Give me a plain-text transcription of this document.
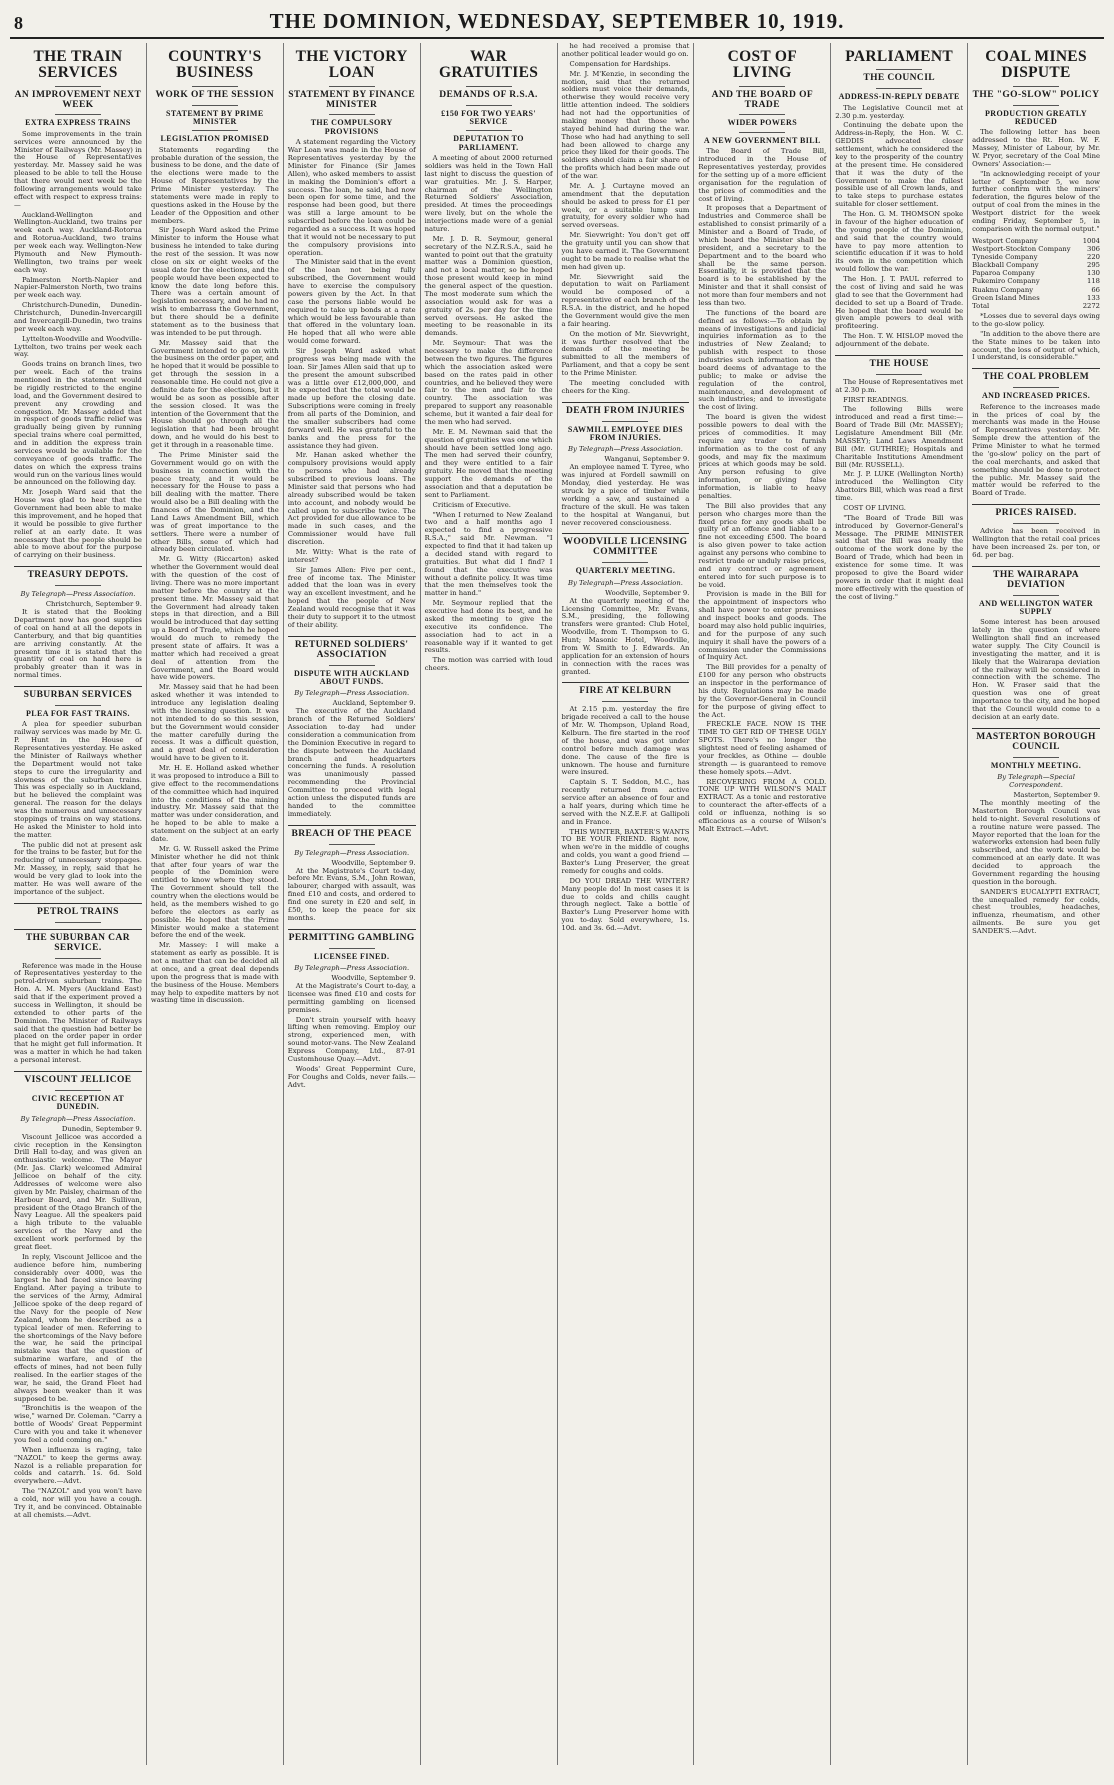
8	THE DOMINION, WEDNESDAY, SEPTEMBER 10, 1919.
THE TRAIN SERVICES
AN IMPROVEMENT NEXT WEEK
EXTRA EXPRESS TRAINS

Some improvements in the train services were announced by the Minister of Railways (Mr. Massey) in the House of Representatives yesterday. Mr. Massey said he was pleased to be able to tell the House that there would next week be the following arrangements would take effect with respect to express trains:—

Auckland-Wellington and Wellington-Auckland, two trains per week each way. Auckland-Rotorua and Rotorua-Auckland, two trains per week each way. Wellington-New Plymouth and New Plymouth-Wellington, two trains per week each way.

Palmerston North-Napier and Napier-Palmerston North, two trains per week each way.

Christchurch-Dunedin, Dunedin-Christchurch, Dunedin-Invercargill and Invercargill-Dunedin, two trains per week each way.

Lyttelton-Woodville and Woodville-Lyttelton, two trains per week each way.

Goods trains on branch lines, two per week. Each of the trains mentioned in the statement would be rigidly restricted to the engine load, and the Government desired to prevent any crowding and congestion. Mr. Massey added that in respect of goods traffic relief was gradually being given by running special trains where coal permitted, and in addition the express train services would be available for the conveyance of goods traffic. The dates on which the express trains would run on the various lines would be announced on the following day.

Mr. Joseph Ward said that the House was glad to hear that the Government had been able to make this improvement, and he hoped that it would be possible to give further relief at an early date. It was necessary that the people should be able to move about for the purpose of carrying on their business.

TREASURY DEPOTS.
By Telegraph—Press Association.
Christchurch, September 9.

It is stated that the Booking Department now has good supplies of coal on hand at all the depots in Canterbury, and that big quantities are arriving constantly. At the present time it is stated that the quantity of coal on hand here is probably greater than it was in normal times.

SUBURBAN SERVICES
PLEA FOR FAST TRAINS.

A plea for speedier suburban railway services was made by Mr. G. P. Hunt in the House of Representatives yesterday. He asked the Minister of Railways whether the Department would not take steps to cure the irregularity and slowness of the suburban trains. This was especially so in Auckland, but he believed the complaint was general. The reason for the delays was the numerous and unnecessary stoppings of trains on way stations. He asked the Minister to hold into the matter.

The public did not at present ask for the trains to be faster, but for the reducing of unnecessary stoppages. Mr. Massey, in reply, said that he would be very glad to look into the matter. He was well aware of the importance of the subject.

PETROL TRAINS
THE SUBURBAN CAR SERVICE.

Reference was made in the House of Representatives yesterday to the petrol-driven suburban trains. The Hon. A. M. Myers (Auckland East) said that if the experiment proved a success in Wellington, it should be extended to other parts of the Dominion. The Minister of Railways said that the question had better be placed on the order paper in order that he might get full information. It was a matter in which he had taken a personal interest.

VISCOUNT JELLICOE
CIVIC RECEPTION AT DUNEDIN.
By Telegraph—Press Association.
Dunedin, September 9.

Viscount Jellicoe was accorded a civic reception in the Kensington Drill Hall to-day, and was given an enthusiastic welcome. The Mayor (Mr. Jas. Clark) welcomed Admiral Jellicoe on behalf of the city. Addresses of welcome were also given by Mr. Paisley, chairman of the Harbour Board, and Mr. Sullivan, president of the Otago Branch of the Navy League. All the speakers paid a high tribute to the valuable services of the Navy and the excellent work performed by the great fleet.

In reply, Viscount Jellicoe and the audience before him, numbering considerably over 4000, was the largest he had faced since leaving England. After paying a tribute to the services of the Army, Admiral Jellicoe spoke of the deep regard of the Navy for the people of New Zealand, whom he described as a typical leader of men. Referring to the shortcomings of the Navy before the war, he said the principal mistake was that the question of submarine warfare, and of the effects of mines, had not been fully realised. In the earlier stages of the war, he said, the Grand Fleet had always been weaker than it was supposed to be.

"Bronchitis is the weapon of the wise," warned Dr. Coleman. "Carry a bottle of Woods' Great Peppermint Cure with you and take it whenever you feel a cold coming on."

When influenza is raging, take "NAZOL" to keep the germs away. Nazol is a reliable preparation for colds and catarrh. 1s. 6d. Sold everywhere.—Advt.

The "NAZOL" and you won't have a cold, nor will you have a cough. Try it, and be convinced. Obtainable at all chemists.—Advt.

COUNTRY'S BUSINESS
WORK OF THE SESSION
STATEMENT BY PRIME MINISTER
LEGISLATION PROMISED

Statements regarding the probable duration of the session, the business to be done, and the date of the elections were made to the House of Representatives by the Prime Minister yesterday. The statements were made in reply to questions asked in the House by the Leader of the Opposition and other members.

Sir Joseph Ward asked the Prime Minister to inform the House what business he intended to take during the rest of the session. It was now close on six or eight weeks of the usual date for the elections, and the people would have been expected to know the date long before this. There was a certain amount of legislation necessary, and he had no wish to embarrass the Government, but there should be a definite statement as to the business that was intended to be put through.

Mr. Massey said that the Government intended to go on with the business on the order paper, and he hoped that it would be possible to get through the session in a reasonable time. He could not give a definite date for the elections, but it would be as soon as possible after the session closed. It was the intention of the Government that the House should go through all the legislation that had been brought down, and he would do his best to get it through in a reasonable time.

The Prime Minister said the Government would go on with the business in connection with the peace treaty, and it would be necessary for the House to pass a bill dealing with the matter. There would also be a Bill dealing with the finances of the Dominion, and the Land Laws Amendment Bill, which was of great importance to the settlers. There were a number of other Bills, some of which had already been circulated.

Mr. G. Witty (Riccarton) asked whether the Government would deal with the question of the cost of living. There was no more important matter before the country at the present time. Mr. Massey said that the Government had already taken steps in that direction, and a Bill would be introduced that day setting up a Board of Trade, which he hoped would do much to remedy the present state of affairs. It was a matter which had received a great deal of attention from the Government, and the Board would have wide powers.

Mr. Massey said that he had been asked whether it was intended to introduce any legislation dealing with the licensing question. It was not intended to do so this session, but the Government would consider the matter carefully during the recess. It was a difficult question, and a great deal of consideration would have to be given to it.

Mr. H. E. Holland asked whether it was proposed to introduce a Bill to give effect to the recommendations of the committee which had inquired into the conditions of the mining industry. Mr. Massey said that the matter was under consideration, and he hoped to be able to make a statement on the subject at an early date.

Mr. G. W. Russell asked the Prime Minister whether he did not think that after four years of war the people of the Dominion were entitled to know where they stood. The Government should tell the country when the elections would be held, as the members wished to go before the electors as early as possible. He hoped that the Prime Minister would make a statement before the end of the week.

Mr. Massey: I will make a statement as early as possible. It is not a matter that can be decided all at once, and a great deal depends upon the progress that is made with the business of the House. Members may help to expedite matters by not wasting time in discussion.

THE VICTORY LOAN
STATEMENT BY FINANCE MINISTER
THE COMPULSORY PROVISIONS

A statement regarding the Victory War Loan was made in the House of Representatives yesterday by the Minister for Finance (Sir James Allen), who asked members to assist in making the Dominion's effort a success. The loan, he said, had now been open for some time, and the response had been good, but there was still a large amount to be subscribed before the loan could be regarded as a success. It was hoped that it would not be necessary to put the compulsory provisions into operation.

The Minister said that in the event of the loan not being fully subscribed, the Government would have to exercise the compulsory powers given by the Act. In that case the persons liable would be required to take up bonds at a rate which would be less favourable than that offered in the voluntary loan. He hoped that all who were able would come forward.

Sir Joseph Ward asked what progress was being made with the loan. Sir James Allen said that up to the present the amount subscribed was a little over £12,000,000, and he expected that the total would be made up before the closing date. Subscriptions were coming in freely from all parts of the Dominion, and the smaller subscribers had come forward well. He was grateful to the banks and the press for the assistance they had given.

Mr. Hanan asked whether the compulsory provisions would apply to persons who had already subscribed to previous loans. The Minister said that persons who had already subscribed would be taken into account, and nobody would be called upon to subscribe twice. The Act provided for due allowance to be made in such cases, and the Commissioner would have full discretion.

Mr. Witty: What is the rate of interest?

Sir James Allen: Five per cent., free of income tax. The Minister added that the loan was in every way an excellent investment, and he hoped that the people of New Zealand would recognise that it was their duty to support it to the utmost of their ability.

RETURNED SOLDIERS' ASSOCIATION
DISPUTE WITH AUCKLAND ABOUT FUNDS.
By Telegraph—Press Association.
Auckland, September 9.

The executive of the Auckland branch of the Returned Soldiers' Association to-day had under consideration a communication from the Dominion Executive in regard to the dispute between the Auckland branch and headquarters concerning the funds. A resolution was unanimously passed recommending the Provincial Committee to proceed with legal action unless the disputed funds are handed to the committee immediately.

BREACH OF THE PEACE
By Telegraph—Press Association.
Woodville, September 9.

At the Magistrate's Court to-day, before Mr. Evans, S.M., John Rowan, labourer, charged with assault, was fined £10 and costs, and ordered to find one surety in £20 and self, in £50, to keep the peace for six months.

PERMITTING GAMBLING
LICENSEE FINED.
By Telegraph—Press Association.
Woodville, September 9.

At the Magistrate's Court to-day, a licensee was fined £10 and costs for permitting gambling on licensed premises.

Don't strain yourself with heavy lifting when removing. Employ our strong, experienced men, with sound motor-vans. The New Zealand Express Company, Ltd., 87-91 Customhouse Quay.—Advt.

Woods' Great Peppermint Cure, For Coughs and Colds, never fails.—Advt.

WAR GRATUITIES
DEMANDS OF R.S.A.
£150 FOR TWO YEARS' SERVICE
DEPUTATION TO PARLIAMENT.

A meeting of about 2000 returned soldiers was held in the Town Hall last night to discuss the question of war gratuities. Mr. J. S. Harper, chairman of the Wellington Returned Soldiers' Association, presided. At times the proceedings were lively, but on the whole the interjections made were of a genial nature.

Mr. J. D. R. Seymour, general secretary of the N.Z.R.S.A., said he wanted to point out that the gratuity matter was a Dominion question, and not a local matter, so he hoped those present would keep in mind the general aspect of the question. The most moderate sum which the association would ask for was a gratuity of 2s. per day for the time served overseas. He asked the meeting to be reasonable in its demands.

Mr. Seymour: That was the necessary to make the difference between the two figures. The figures which the association asked were based on the rates paid in other countries, and he believed they were fair to the men and fair to the country. The association was prepared to support any reasonable scheme, but it wanted a fair deal for the men who had served.

Mr. E. M. Newman said that the question of gratuities was one which should have been settled long ago. The men had served their country, and they were entitled to a fair gratuity. He moved that the meeting support the demands of the association and that a deputation be sent to Parliament.

Criticism of Executive.

"When I returned to New Zealand two and a half months ago I expected to find a progressive R.S.A.," said Mr. Newman. "I expected to find that it had taken up a decided stand with regard to gratuities. But what did I find? I found that the executive was without a definite policy. It was time that the men themselves took the matter in hand."

Mr. Seymour replied that the executive had done its best, and he asked the meeting to give the executive its confidence. The association had to act in a reasonable way if it wanted to get results.

The motion was carried with loud cheers.

he had received a promise that another political leader would go on.

Compensation for Hardships.

Mr. J. M'Kenzie, in seconding the motion, said that the returned soldiers must voice their demands, otherwise they would receive very little attention indeed. The soldiers had not had the opportunities of making money that those who stayed behind had during the war. Those who had had anything to sell had been allowed to charge any price they liked for their goods. The soldiers should claim a fair share of the profits which had been made out of the war.

Mr. A. J. Curtayne moved an amendment that the deputation should be asked to press for £1 per week, or a suitable lump sum gratuity, for every soldier who had served overseas.

Mr. Sievwright: You don't get off the gratuity until you can show that you have earned it. The Government ought to be made to realise what the men had given up.

Mr. Sievwright said the deputation to wait on Parliament would be composed of a representative of each branch of the R.S.A. in the district, and he hoped the Government would give the men a fair hearing.

On the motion of Mr. Sievwright, it was further resolved that the demands of the meeting be submitted to all the members of Parliament, and that a copy be sent to the Prime Minister.

The meeting concluded with cheers for the King.

DEATH FROM INJURIES
SAWMILL EMPLOYEE DIES FROM INJURIES.
By Telegraph—Press Association.
Wanganui, September 9.

An employee named T. Tyree, who was injured at Fordell sawmill on Monday, died yesterday. He was struck by a piece of timber while working a saw, and sustained a fracture of the skull. He was taken to the hospital at Wanganui, but never recovered consciousness.

WOODVILLE LICENSING COMMITTEE
QUARTERLY MEETING.
By Telegraph—Press Association.
Woodville, September 9.

At the quarterly meeting of the Licensing Committee, Mr. Evans, S.M., presiding, the following transfers were granted: Club Hotel, Woodville, from T. Thompson to G. Hunt; Masonic Hotel, Woodville, from W. Smith to J. Edwards. An application for an extension of hours in connection with the races was granted.

FIRE AT KELBURN

At 2.15 p.m. yesterday the fire brigade received a call to the house of Mr. W. Thompson, Upland Road, Kelburn. The fire started in the roof of the house, and was got under control before much damage was done. The cause of the fire is unknown. The house and furniture were insured.

Captain S. T. Seddon, M.C., has recently returned from active service after an absence of four and a half years, during which time he served with the N.Z.E.F. at Gallipoli and in France.

THIS WINTER, BAXTER'S WANTS TO BE YOUR FRIEND. Right now, when we're in the middle of coughs and colds, you want a good friend — Baxter's Lung Preserver, the great remedy for coughs and colds.

DO YOU DREAD THE WINTER? Many people do! In most cases it is due to colds and chills caught through neglect. Take a bottle of Baxter's Lung Preserver home with you to-day. Sold everywhere, 1s. 10d. and 3s. 6d.—Advt.

COST OF LIVING
AND THE BOARD OF TRADE
WIDER POWERS
A NEW GOVERNMENT BILL

The Board of Trade Bill, introduced in the House of Representatives yesterday, provides for the setting up of a more efficient organisation for the regulation of the prices of commodities and the cost of living.

It proposes that a Department of Industries and Commerce shall be established to consist primarily of a Minister and a Board of Trade, of which board the Minister shall be president, and a secretary to the Department and to the board who shall be the same person. Essentially, it is provided that the board is to be established by the Minister and that it shall consist of not more than four members and not less than two.

The functions of the board are defined as follows:—To obtain by means of investigations and judicial inquiries information as to the industries of New Zealand; to publish with respect to those industries such information as the board deems of advantage to the public; to make or advise the regulation of the control, maintenance, and development of such industries; and to investigate the cost of living.

The board is given the widest possible powers to deal with the prices of commodities. It may require any trader to furnish information as to the cost of any goods, and may fix the maximum prices at which goods may be sold. Any person refusing to give information, or giving false information, is liable to heavy penalties.

The Bill also provides that any person who charges more than the fixed price for any goods shall be guilty of an offence and liable to a fine not exceeding £500. The board is also given power to take action against any persons who combine to restrict trade or unduly raise prices, and any contract or agreement entered into for such purpose is to be void.

Provision is made in the Bill for the appointment of inspectors who shall have power to enter premises and inspect books and goods. The board may also hold public inquiries, and for the purpose of any such inquiry it shall have the powers of a commission under the Commissions of Inquiry Act.

The Bill provides for a penalty of £100 for any person who obstructs an inspector in the performance of his duty. Regulations may be made by the Governor-General in Council for the purpose of giving effect to the Act.

FRECKLE FACE. NOW IS THE TIME TO GET RID OF THESE UGLY SPOTS. There's no longer the slightest need of feeling ashamed of your freckles, as Othine — double strength — is guaranteed to remove these homely spots.—Advt.

RECOVERING FROM A COLD. TONE UP WITH WILSON'S MALT EXTRACT. As a tonic and restorative to counteract the after-effects of a cold or influenza, nothing is so efficacious as a course of Wilson's Malt Extract.—Advt.

PARLIAMENT
THE COUNCIL
ADDRESS-IN-REPLY DEBATE

The Legislative Council met at 2.30 p.m. yesterday.

Continuing the debate upon the Address-in-Reply, the Hon. W. C. GEDDIS advocated closer settlement, which he considered the key to the prosperity of the country at the present time. He considered that it was the duty of the Government to make the fullest possible use of all Crown lands, and to take steps to purchase estates suitable for closer settlement.

The Hon. G. M. THOMSON spoke in favour of the higher education of the young people of the Dominion, and said that the country would have to pay more attention to scientific education if it was to hold its own in the competition which would follow the war.

The Hon. J. T. PAUL referred to the cost of living and said he was glad to see that the Government had decided to set up a Board of Trade. He hoped that the board would be given ample powers to deal with profiteering.

The Hon. T. W. HISLOP moved the adjournment of the debate.

THE HOUSE

The House of Representatives met at 2.30 p.m.

FIRST READINGS.

The following Bills were introduced and read a first time:—Board of Trade Bill (Mr. MASSEY); Legislature Amendment Bill (Mr. MASSEY); Land Laws Amendment Bill (Mr. GUTHRIE); Hospitals and Charitable Institutions Amendment Bill (Mr. RUSSELL).

Mr. J. P. LUKE (Wellington North) introduced the Wellington City Abattoirs Bill, which was read a first time.

COST OF LIVING.

"The Board of Trade Bill was introduced by Governor-General's Message. The PRIME MINISTER said that the Bill was really the outcome of the work done by the Board of Trade, which had been in existence for some time. It was proposed to give the Board wider powers in order that it might deal more effectively with the question of the cost of living."

COAL MINES DISPUTE
THE "GO-SLOW" POLICY
PRODUCTION GREATLY REDUCED

The following letter has been addressed to the Rt. Hon. W. F. Massey, Minister of Labour, by Mr. W. Pryor, secretary of the Coal Mine Owners' Association:—

"In acknowledging receipt of your letter of September 5, we now further confirm with the miners' federation, the figures below of the output of coal from the mines in the Westport district for the week ending Friday, September 5, in comparison with the normal output."

Westport Company	1004
Westport-Stockton Company	306
Tyneside Company	220
Blackball Company	295
Paparoa Company	130
Pukemiro Company	118
Ruaknu Company	66
Green Island Mines	133
Total	2272

*Losses due to several days owing to the go-slow policy.

"In addition to the above there are the State mines to be taken into account, the loss of output of which, I understand, is considerable."

THE COAL PROBLEM
AND INCREASED PRICES.

Reference to the increases made in the prices of coal by the merchants was made in the House of Representatives yesterday. Mr. Semple drew the attention of the Prime Minister to what he termed the 'go-slow' policy on the part of the coal merchants, and asked that something should be done to protect the public. Mr. Massey said the matter would be referred to the Board of Trade.

PRICES RAISED.

Advice has been received in Wellington that the retail coal prices have been increased 2s. per ton, or 6d. per bag.

THE WAIRARAPA DEVIATION
AND WELLINGTON WATER SUPPLY

Some interest has been aroused lately in the question of where Wellington shall find an increased water supply. The City Council is investigating the matter, and it is likely that the Wairarapa deviation of the railway will be considered in connection with the scheme. The Hon. W. Fraser said that the question was one of great importance to the city, and he hoped that the Council would come to a decision at an early date.

MASTERTON BOROUGH COUNCIL
MONTHLY MEETING.
By Telegraph—Special Correspondent.
Masterton, September 9.

The monthly meeting of the Masterton Borough Council was held to-night. Several resolutions of a routine nature were passed. The Mayor reported that the loan for the waterworks extension had been fully subscribed, and the work would be commenced at an early date. It was decided to approach the Government regarding the housing question in the borough.

SANDER'S EUCALYPTI EXTRACT, the unequalled remedy for colds, chest troubles, headaches, influenza, rheumatism, and other ailments. Be sure you get SANDER'S.—Advt.
